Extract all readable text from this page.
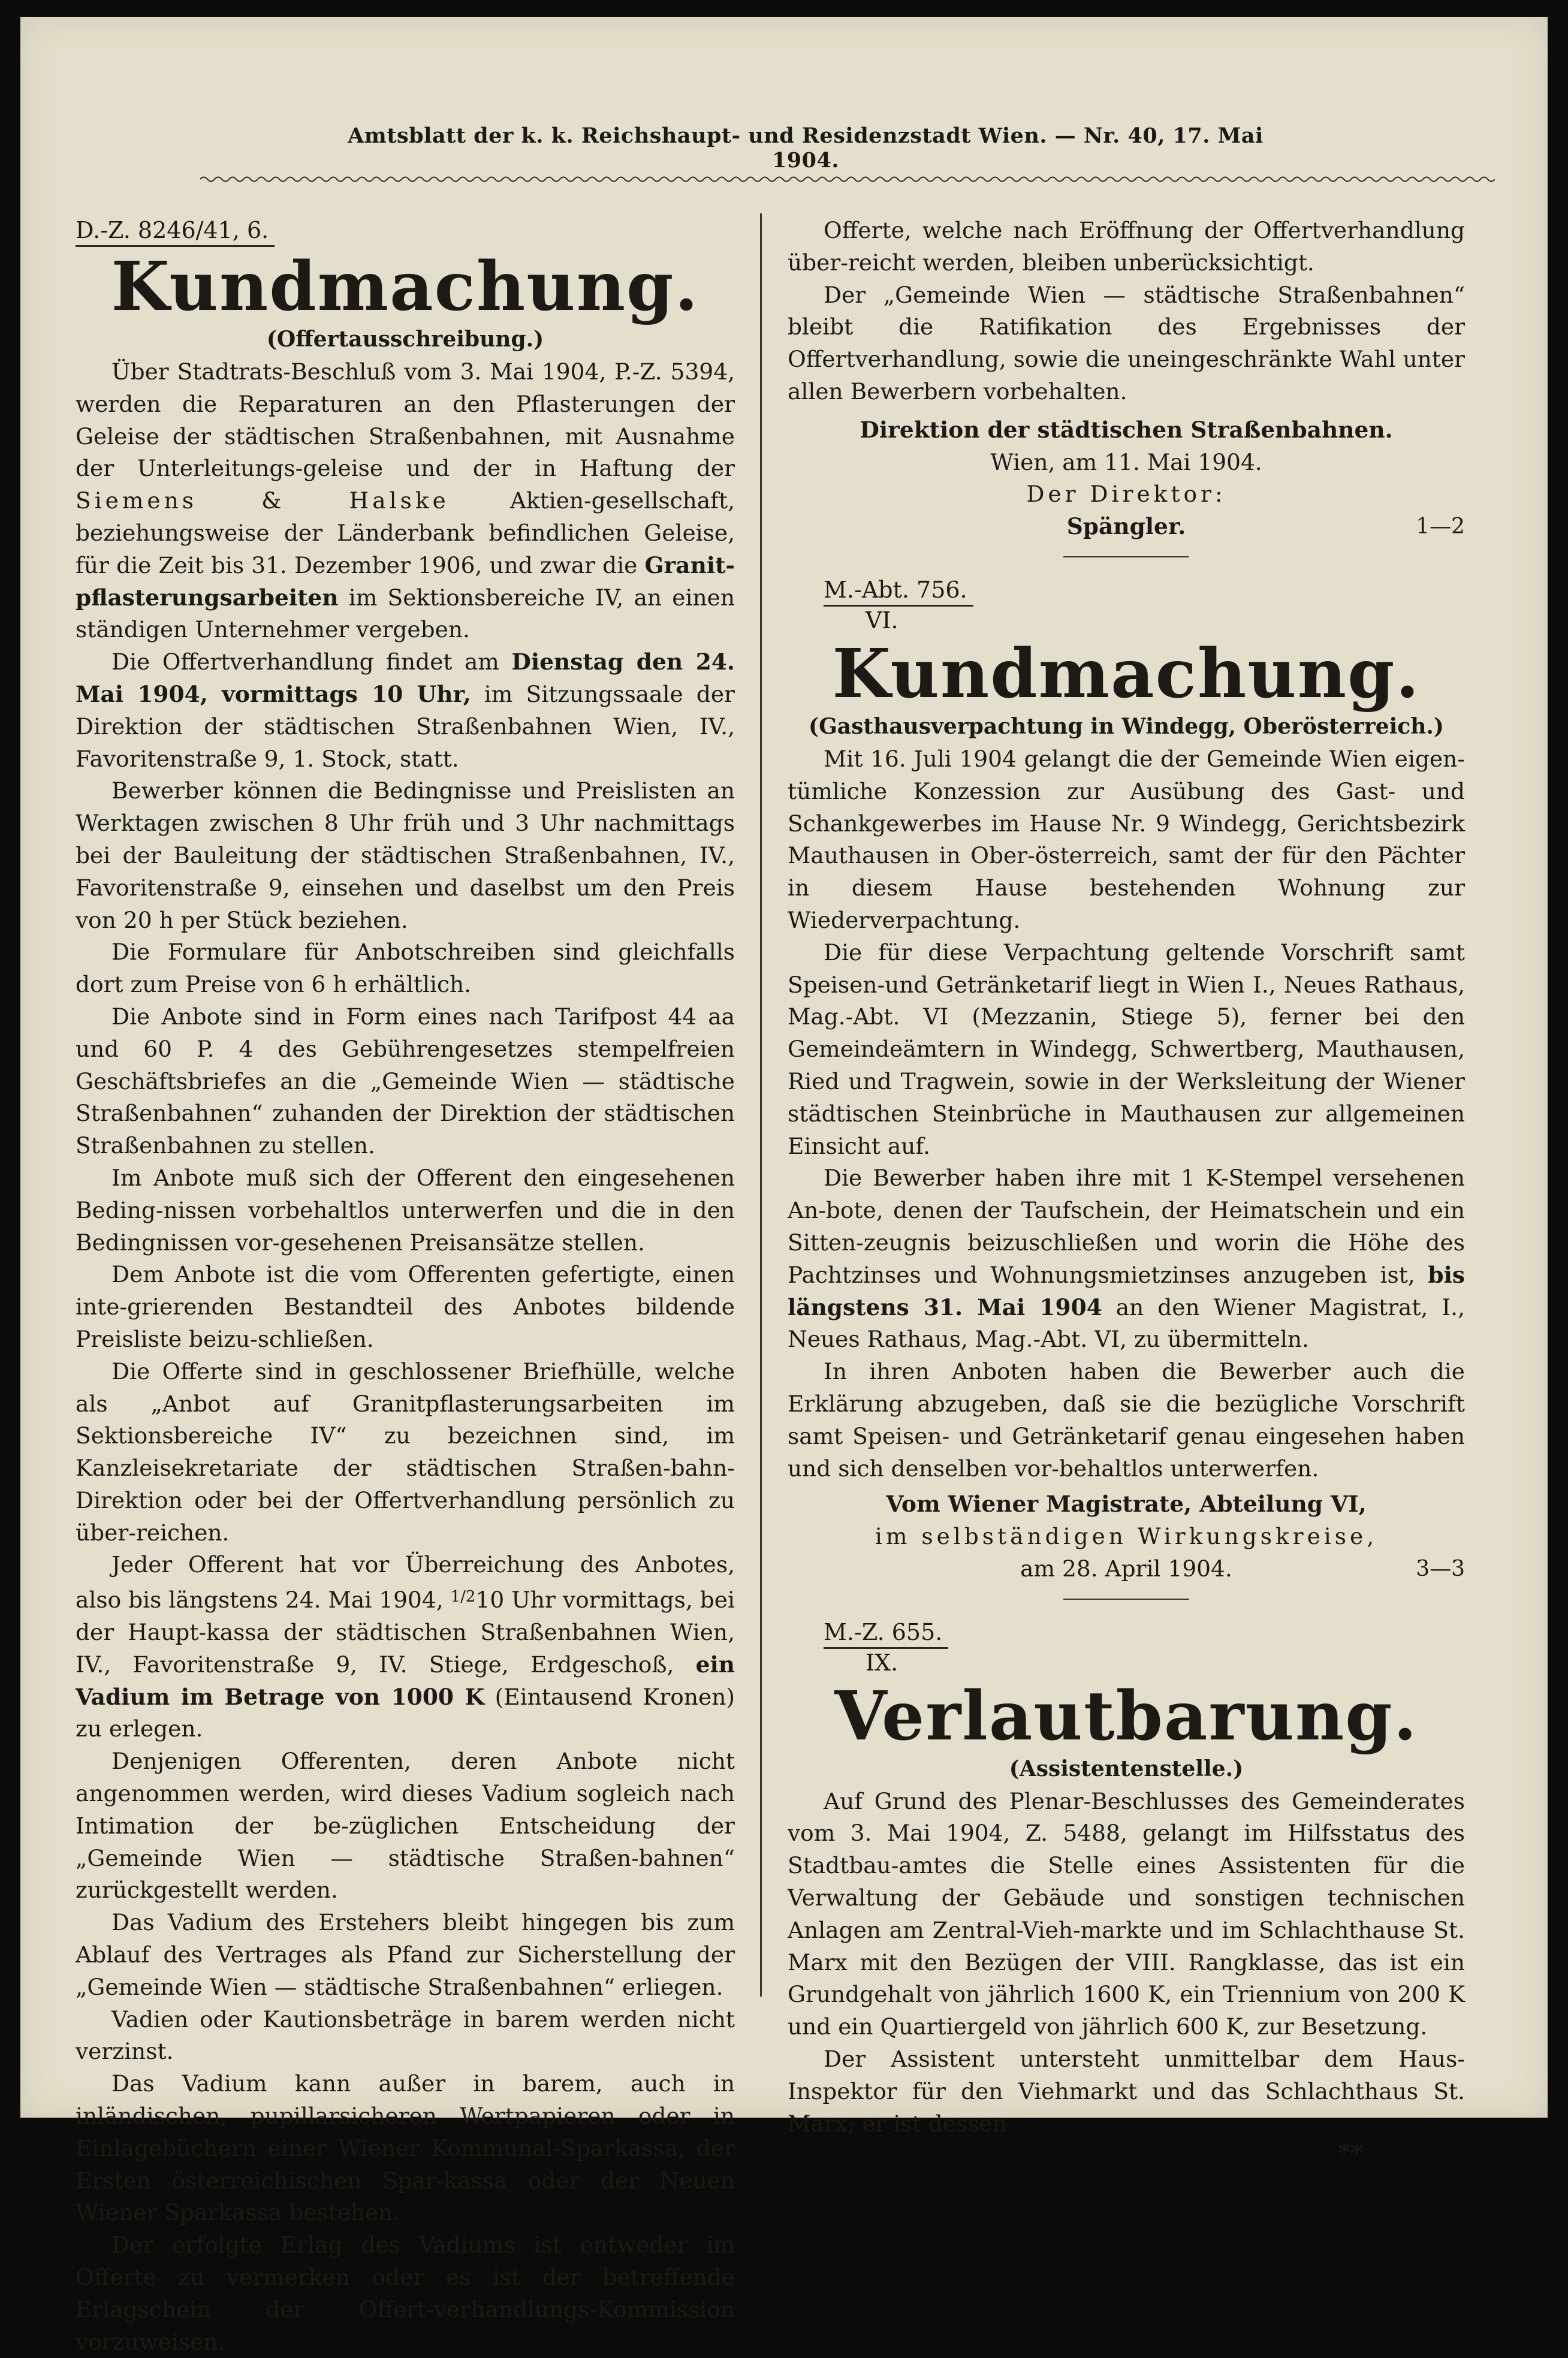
Amtsblatt der k. k. Reichshaupt- und Residenzstadt Wien. — Nr. 40, 17. Mai 1904.
D.-Z. 8246/41, 6.
Kundmachung.
(Offertausschreibung.)

Über Stadtrats-Beschluß vom 3. Mai 1904, P.-Z. 5394, werden die Reparaturen an den Pflasterungen der Geleise der städtischen Straßenbahnen, mit Ausnahme der Unterleitungs-geleise und der in Haftung der Siemens & Halske Aktien-gesellschaft, beziehungsweise der Länderbank befindlichen Geleise, für die Zeit bis 31. Dezember 1906, und zwar die Granit-pflasterungsarbeiten im Sektionsbereiche IV, an einen ständigen Unternehmer vergeben.

Die Offertverhandlung findet am Dienstag den 24. Mai 1904, vormittags 10 Uhr, im Sitzungssaale der Direktion der städtischen Straßenbahnen Wien, IV., Favoritenstraße 9, 1. Stock, statt.

Bewerber können die Bedingnisse und Preislisten an Werktagen zwischen 8 Uhr früh und 3 Uhr nachmittags bei der Bauleitung der städtischen Straßenbahnen, IV., Favoritenstraße 9, einsehen und daselbst um den Preis von 20 h per Stück beziehen.

Die Formulare für Anbotschreiben sind gleichfalls dort zum Preise von 6 h erhältlich.

Die Anbote sind in Form eines nach Tarifpost 44 aa und 60 P. 4 des Gebührengesetzes stempelfreien Geschäftsbriefes an die „Gemeinde Wien — städtische Straßenbahnen“ zuhanden der Direktion der städtischen Straßenbahnen zu stellen.

Im Anbote muß sich der Offerent den eingesehenen Beding-nissen vorbehaltlos unterwerfen und die in den Bedingnissen vor-gesehenen Preisansätze stellen.

Dem Anbote ist die vom Offerenten gefertigte, einen inte-grierenden Bestandteil des Anbotes bildende Preisliste beizu-schließen.

Die Offerte sind in geschlossener Briefhülle, welche als „Anbot auf Granitpflasterungsarbeiten im Sektionsbereiche IV“ zu bezeichnen sind, im Kanzleisekretariate der städtischen Straßen-bahn-Direktion oder bei der Offertverhandlung persönlich zu über-reichen.

Jeder Offerent hat vor Überreichung des Anbotes, also bis längstens 24. Mai 1904, $^{1/2}$10 Uhr vormittags, bei der Haupt-kassa der städtischen Straßenbahnen Wien, IV., Favoritenstraße 9, IV. Stiege, Erdgeschoß, ein Vadium im Betrage von 1000 K (Eintausend Kronen) zu erlegen.

Denjenigen Offerenten, deren Anbote nicht angenommen werden, wird dieses Vadium sogleich nach Intimation der be-züglichen Entscheidung der „Gemeinde Wien — städtische Straßen-bahnen“ zurückgestellt werden.

Das Vadium des Erstehers bleibt hingegen bis zum Ablauf des Vertrages als Pfand zur Sicherstellung der „Gemeinde Wien — städtische Straßenbahnen“ erliegen.

Vadien oder Kautionsbeträge in barem werden nicht verzinst.

Das Vadium kann außer in barem, auch in inländischen, pupillarsicheren Wertpapieren oder in Einlagebüchern einer Wiener Kommunal-Sparkassa, der Ersten österreichischen Spar-kassa oder der Neuen Wiener Sparkassa bestehen.

Der erfolgte Erlag des Vadiums ist entweder im Offerte zu vermerken oder es ist der betreffende Erlagschein der Offert-verhandlungs-Kommission vorzuweisen.

Offerte, welche nach Eröffnung der Offertverhandlung über-reicht werden, bleiben unberücksichtigt.

Der „Gemeinde Wien — städtische Straßenbahnen“ bleibt die Ratifikation des Ergebnisses der Offertverhandlung, sowie die uneingeschränkte Wahl unter allen Bewerbern vorbehalten.

Direktion der städtischen Straßenbahnen.

Wien, am 11. Mai 1904.

Der Direktor:

Spängler.	1—2
M.-Abt. 756.
VI.
Kundmachung.
(Gasthausverpachtung in Windegg, Oberösterreich.)

Mit 16. Juli 1904 gelangt die der Gemeinde Wien eigen-tümliche Konzession zur Ausübung des Gast- und Schankgewerbes im Hause Nr. 9 Windegg, Gerichtsbezirk Mauthausen in Ober-österreich, samt der für den Pächter in diesem Hause bestehenden Wohnung zur Wiederverpachtung.

Die für diese Verpachtung geltende Vorschrift samt Speisen-und Getränketarif liegt in Wien I., Neues Rathaus, Mag.-Abt. VI (Mezzanin, Stiege 5), ferner bei den Gemeindeämtern in Windegg, Schwertberg, Mauthausen, Ried und Tragwein, sowie in der Werksleitung der Wiener städtischen Steinbrüche in Mauthausen zur allgemeinen Einsicht auf.

Die Bewerber haben ihre mit 1 K-Stempel versehenen An-bote, denen der Taufschein, der Heimatschein und ein Sitten-zeugnis beizuschließen und worin die Höhe des Pachtzinses und Wohnungsmietzinses anzugeben ist, bis längstens 31. Mai 1904 an den Wiener Magistrat, I., Neues Rathaus, Mag.-Abt. VI, zu übermitteln.

In ihren Anboten haben die Bewerber auch die Erklärung abzugeben, daß sie die bezügliche Vorschrift samt Speisen- und Getränketarif genau eingesehen haben und sich denselben vor-behaltlos unterwerfen.

Vom Wiener Magistrate, Abteilung VI,

im selbständigen Wirkungskreise,

am 28. April 1904.	3—3
M.-Z. 655.
IX.
Verlautbarung.
(Assistentenstelle.)

Auf Grund des Plenar-Beschlusses des Gemeinderates vom 3. Mai 1904, Z. 5488, gelangt im Hilfsstatus des Stadtbau-amtes die Stelle eines Assistenten für die Verwaltung der Gebäude und sonstigen technischen Anlagen am Zentral-Vieh-markte und im Schlachthause St. Marx mit den Bezügen der VIII. Rangklasse, das ist ein Grundgehalt von jährlich 1600 K, ein Triennium von 200 K und ein Quartiergeld von jährlich 600 K, zur Besetzung.

Der Assistent untersteht unmittelbar dem Haus-Inspektor für den Viehmarkt und das Schlachthaus St. Marx; er ist dessen

**
